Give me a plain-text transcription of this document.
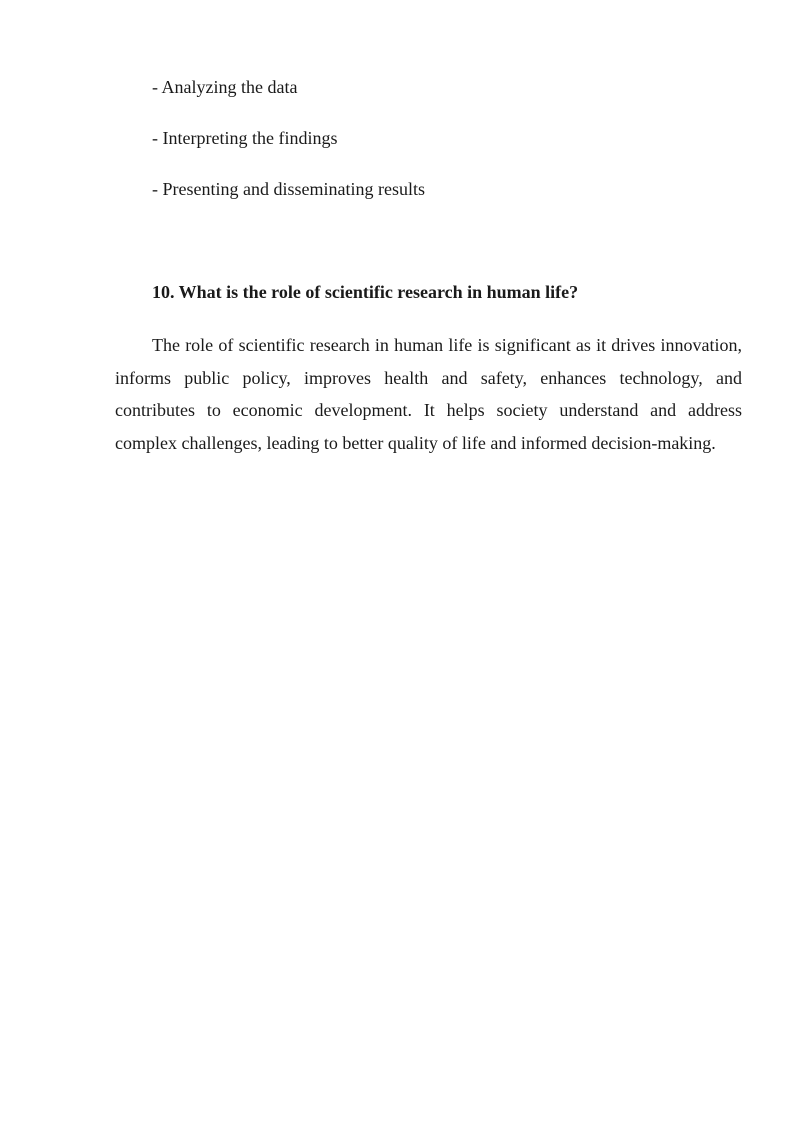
- Analyzing the data
- Interpreting the findings
- Presenting and disseminating results
10. What is the role of scientific research in human life?

The role of scientific research in human life is significant as it drives innovation, informs public policy, improves health and safety, enhances technology, and contributes to economic development. It helps society understand and address complex challenges, leading to better quality of life and informed decision-making.
